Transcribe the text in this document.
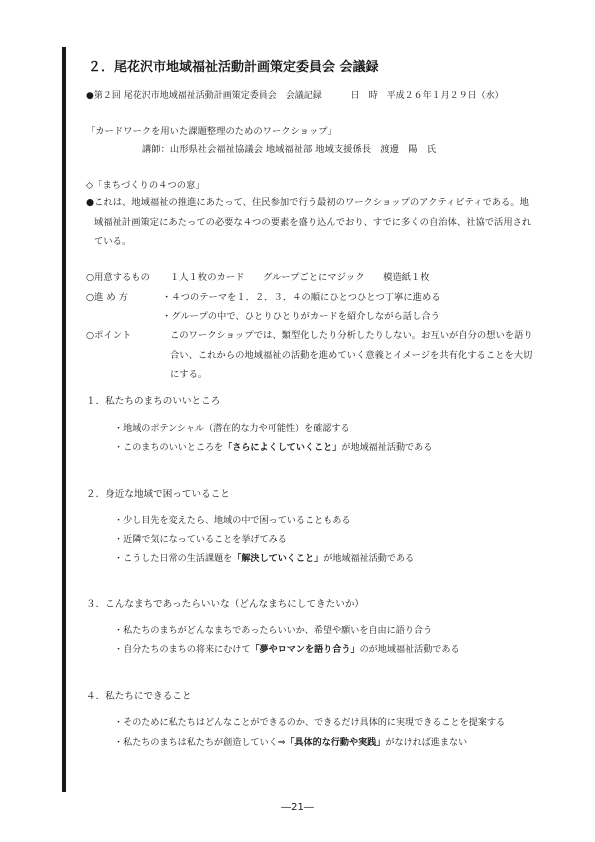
２．尾花沢市地域福祉活動計画策定委員会 会議録
●第２回 尾花沢市地域福祉活動計画策定委員会　会議記録	日　時　平成２６年１月２９日（水）
「カードワークを用いた課題整理のためのワークショップ」
講師：山形県社会福祉協議会 地域福祉部 地域支援係長　渡邊　陽　氏
◇「まちづくりの４つの窓」
●これは、地域福祉の推進にあたって、住民参加で行う最初のワークショップのアクティビティである。地
域福祉計画策定にあたっての必要な４つの要素を盛り込んでおり、すでに多くの自治体、社協で活用され
ている。
○用意するもの １人１枚のカード　　グループごとにマジック　　模造紙１枚
○進 め 方	・４つのテーマを１．２．３．４の順にひとつひとつ丁寧に進める
・グループの中で、ひとりひとりがカードを紹介しながら話し合う
○ポイント	このワークショップでは、類型化したり分析したりしない。お互いが自分の想いを語り
合い、これからの地域福祉の活動を進めていく意義とイメージを共有化することを大切
にする。
１．私たちのまちのいいところ
・地域のポテンシャル（潜在的な力や可能性）を確認する
・このまちのいいところを「さらによくしていくこと」が地域福祉活動である
２．身近な地域で困っていること
・少し目先を変えたら、地域の中で困っていることもある
・近隣で気になっていることを挙げてみる
・こうした日常の生活課題を「解決していくこと」が地域福祉活動である
３．こんなまちであったらいいな（どんなまちにしてきたいか）
・私たちのまちがどんなまちであったらいいか、希望や願いを自由に語り合う
・自分たちのまちの将来にむけて「夢やロマンを語り合う」のが地域福祉活動である
４．私たちにできること
・そのために私たちはどんなことができるのか、できるだけ具体的に実現できることを提案する
・私たちのまちは私たちが創造していく⇒「具体的な行動や実践」がなければ進まない
―21―
